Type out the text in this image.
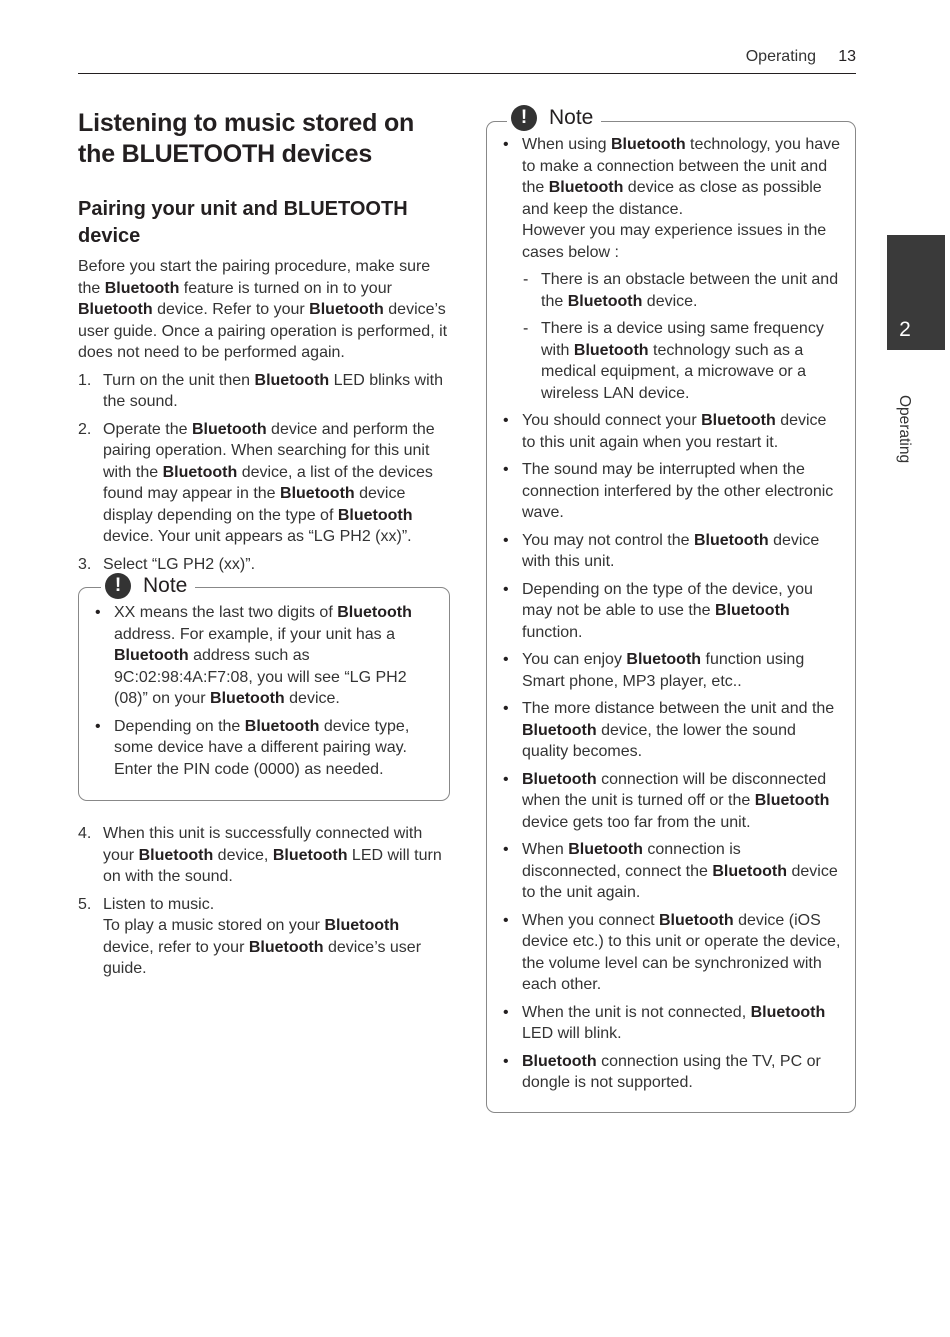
Operating 13
2
Operating
Listening to music stored on the BLUETOOTH devices
Pairing your unit and BLUETOOTH device

Before you start the pairing procedure, make sure the Bluetooth feature is turned on in to your Bluetooth device. Refer to your Bluetooth device’s user guide. Once a pairing operation is performed, it does not need to be performed again.

1. Turn on the unit then Bluetooth LED blinks with the sound.
2. Operate the Bluetooth device and perform the pairing operation. When searching for this unit with the Bluetooth device, a list of the devices found may appear in the Bluetooth device display depending on the type of Bluetooth device. Your unit appears as “LG PH2 (xx)”.
3. Select “LG PH2 (xx)”.
!	Note
• XX means the last two digits of Bluetooth address. For example, if your unit has a Bluetooth address such as 9C:02:98:4A:F7:08, you will see “LG PH2 (08)” on your Bluetooth device.
• Depending on the Bluetooth device type, some device have a different pairing way. Enter the PIN code (0000) as needed.
4. When this unit is successfully connected with your Bluetooth device, Bluetooth LED will turn on with the sound.
5. Listen to music.
To play a music stored on your Bluetooth device, refer to your Bluetooth device’s user guide.
!	Note
• When using Bluetooth technology, you have to make a connection between the unit and the Bluetooth device as close as possible and keep the distance.
However you may experience issues in the cases below :
- There is an obstacle between the unit and the Bluetooth device.
- There is a device using same frequency with Bluetooth technology such as a medical equipment, a microwave or a wireless LAN device.
• You should connect your Bluetooth device to this unit again when you restart it.
• The sound may be interrupted when the connection interfered by the other electronic wave.
• You may not control the Bluetooth device with this unit.
• Depending on the type of the device, you may not be able to use the Bluetooth function.
• You can enjoy Bluetooth function using Smart phone, MP3 player, etc..
• The more distance between the unit and the Bluetooth device, the lower the sound quality becomes.
• Bluetooth connection will be disconnected when the unit is turned off or the Bluetooth device gets too far from the unit.
• When Bluetooth connection is disconnected, connect the Bluetooth device to the unit again.
• When you connect Bluetooth device (iOS device etc.) to this unit or operate the device, the volume level can be synchronized with each other.
• When the unit is not connected, Bluetooth LED will blink.
• Bluetooth connection using the TV, PC or dongle is not supported.
